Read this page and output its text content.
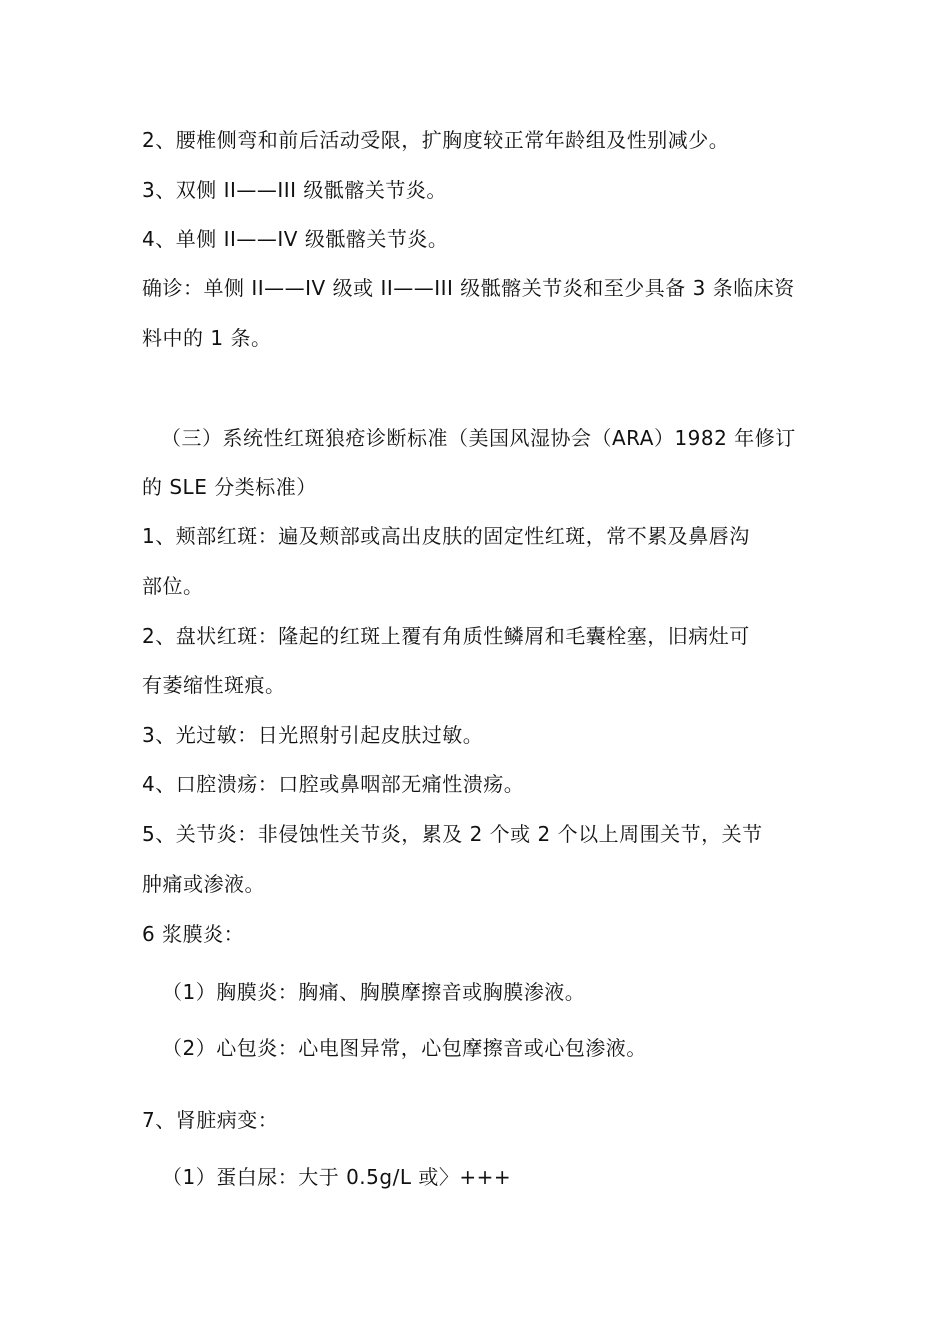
2、腰椎侧弯和前后活动受限，扩胸度较正常年龄组及性别减少。
3、双侧 II——III 级骶髂关节炎。
4、单侧 II——IV 级骶髂关节炎。
确诊：单侧 II——IV 级或 II——III 级骶髂关节炎和至少具备 3 条临床资
料中的 1 条。
（三）系统性红斑狼疮诊断标准（美国风湿协会（ARA）1982 年修订
的 SLE 分类标准）
1、颊部红斑：遍及颊部或高出皮肤的固定性红斑，常不累及鼻唇沟
部位。
2、盘状红斑：隆起的红斑上覆有角质性鳞屑和毛囊栓塞，旧病灶可
有萎缩性斑痕。
3、光过敏：日光照射引起皮肤过敏。
4、口腔溃疡：口腔或鼻咽部无痛性溃疡。
5、关节炎：非侵蚀性关节炎，累及 2 个或 2 个以上周围关节，关节
肿痛或渗液。
6 浆膜炎：
（1）胸膜炎：胸痛、胸膜摩擦音或胸膜渗液。
（2）心包炎：心电图异常，心包摩擦音或心包渗液。
7、肾脏病变：
（1）蛋白尿：大于 0.5g/L 或〉+++
